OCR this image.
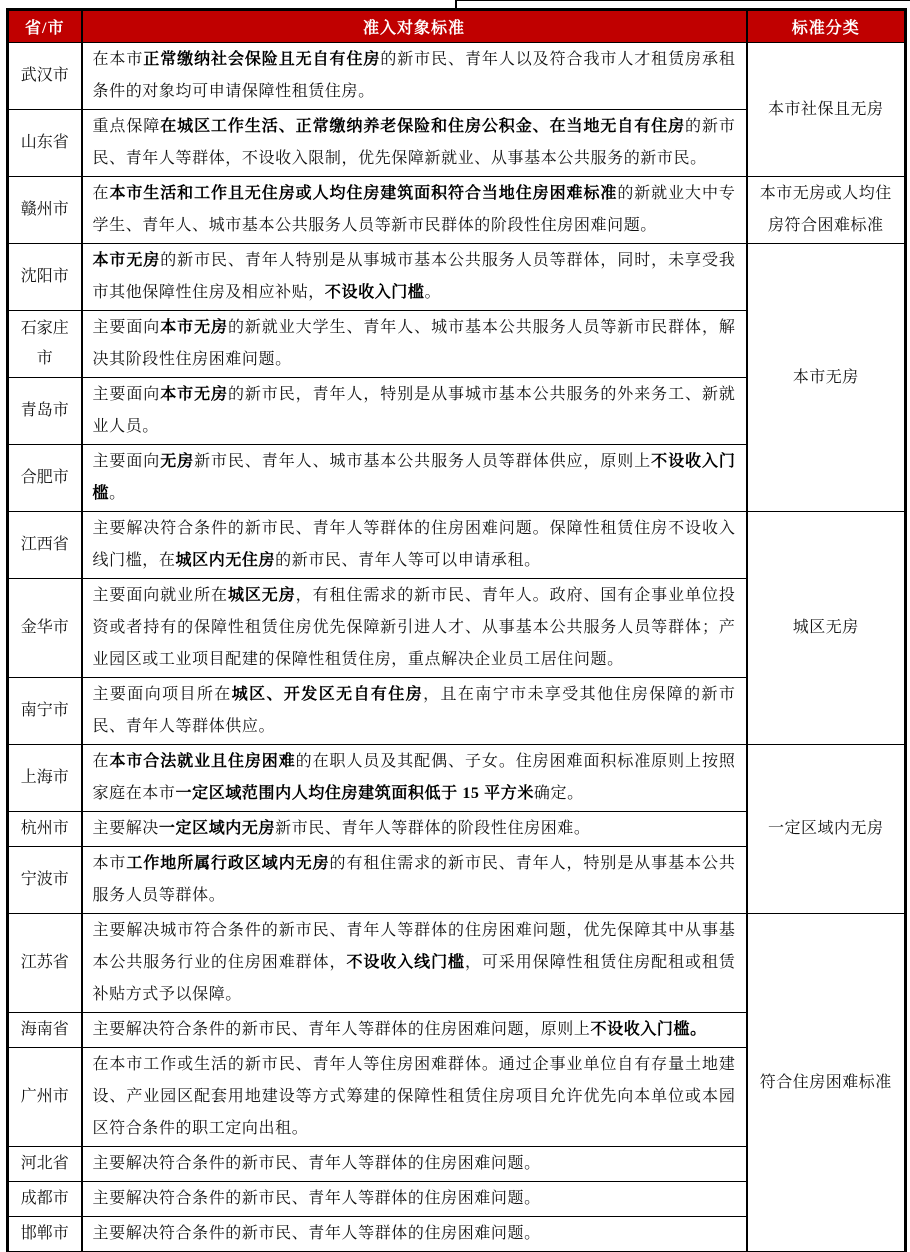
省/市	准入对象标准	标准分类
武汉市	在本市正常缴纳社会保险且无自有住房的新市民、青年人以及符合我市人才租赁房承租条件的对象均可申请保障性租赁住房。	本市社保且无房
山东省	重点保障在城区工作生活、正常缴纳养老保险和住房公积金、在当地无自有住房的新市民、青年人等群体，不设收入限制，优先保障新就业、从事基本公共服务的新市民。	
赣州市	在本市生活和工作且无住房或人均住房建筑面积符合当地住房困难标准的新就业大中专学生、青年人、城市基本公共服务人员等新市民群体的阶段性住房困难问题。	本市无房或人均住房符合困难标准
沈阳市	本市无房的新市民、青年人特别是从事城市基本公共服务人员等群体，同时，未享受我市其他保障性住房及相应补贴，不设收入门槛。	本市无房
石家庄市	主要面向本市无房的新就业大学生、青年人、城市基本公共服务人员等新市民群体，解决其阶段性住房困难问题。	
青岛市	主要面向本市无房的新市民，青年人，特别是从事城市基本公共服务的外来务工、新就业人员。	
合肥市	主要面向无房新市民、青年人、城市基本公共服务人员等群体供应，原则上不设收入门槛。	
江西省	主要解决符合条件的新市民、青年人等群体的住房困难问题。保障性租赁住房不设收入线门槛，在城区内无住房的新市民、青年人等可以申请承租。	城区无房
金华市	主要面向就业所在城区无房，有租住需求的新市民、青年人。政府、国有企事业单位投资或者持有的保障性租赁住房优先保障新引进人才、从事基本公共服务人员等群体；产业园区或工业项目配建的保障性租赁住房，重点解决企业员工居住问题。	
南宁市	主要面向项目所在城区、开发区无自有住房，且在南宁市未享受其他住房保障的新市民、青年人等群体供应。	
上海市	在本市合法就业且住房困难的在职人员及其配偶、子女。住房困难面积标准原则上按照家庭在本市一定区域范围内人均住房建筑面积低于 15 平方米确定。	一定区域内无房
杭州市	主要解决一定区域内无房新市民、青年人等群体的阶段性住房困难。	
宁波市	本市工作地所属行政区域内无房的有租住需求的新市民、青年人，特别是从事基本公共服务人员等群体。	
江苏省	主要解决城市符合条件的新市民、青年人等群体的住房困难问题，优先保障其中从事基本公共服务行业的住房困难群体，不设收入线门槛，可采用保障性租赁住房配租或租赁补贴方式予以保障。	符合住房困难标准
海南省	主要解决符合条件的新市民、青年人等群体的住房困难问题，原则上不设收入门槛。	
广州市	在本市工作或生活的新市民、青年人等住房困难群体。通过企事业单位自有存量土地建设、产业园区配套用地建设等方式筹建的保障性租赁住房项目允许优先向本单位或本园区符合条件的职工定向出租。	
河北省	主要解决符合条件的新市民、青年人等群体的住房困难问题。	
成都市	主要解决符合条件的新市民、青年人等群体的住房困难问题。	
邯郸市	主要解决符合条件的新市民、青年人等群体的住房困难问题。	
